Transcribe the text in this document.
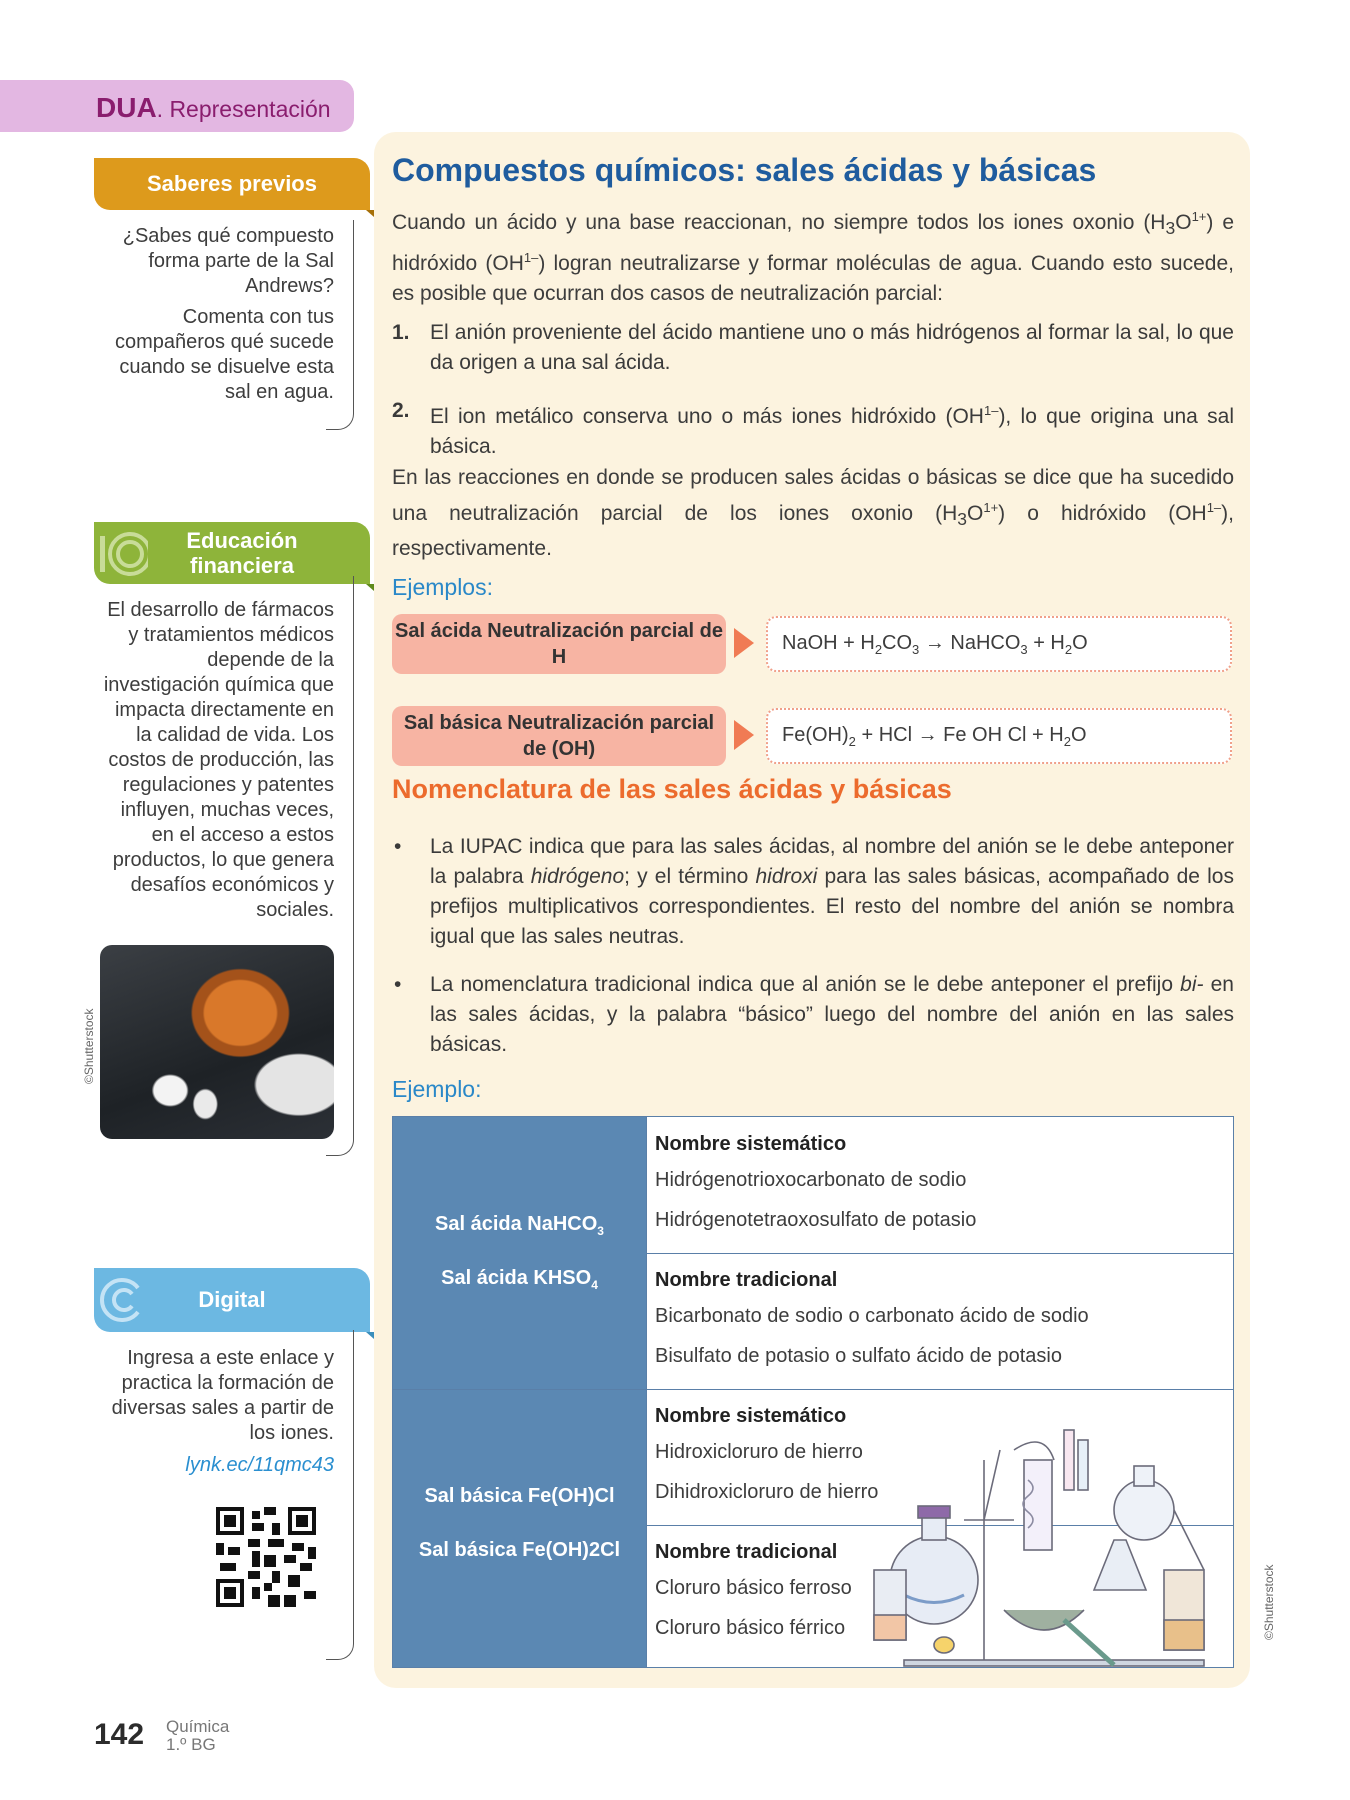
DUA. Representación
Saberes previos

¿Sabes qué compuesto forma parte de la Sal Andrews?

Comenta con tus compañeros qué sucede cuando se disuelve esta sal en agua.

Educación
financiera
El desarrollo de fármacos y tratamientos médicos depende de la investigación química que impacta directamente en la calidad de vida. Los costos de producción, las regulaciones y patentes influyen, muchas veces, en el acceso a estos productos, lo que genera desafíos económicos y sociales.
©Shutterstock
Digital
Ingresa a este enlace y practica la formación de diversas sales a partir de los iones.
lynk.ec/11qmc43
Compuestos químicos: sales ácidas y básicas
Cuando un ácido y una base reaccionan, no siempre todos los iones oxonio $(H_3O^{1+})$ e hidróxido $(OH^{1-})$ logran neutralizarse y formar moléculas de agua. Cuando esto sucede, es posible que ocurran dos casos de neutralización parcial:
1. El anión proveniente del ácido mantiene uno o más hidrógenos al formar la sal, lo que da origen a una sal ácida.
2. El ion metálico conserva uno o más iones hidróxido $(OH^{1-})$, lo que origina una sal básica.
En las reacciones en donde se producen sales ácidas o básicas se dice que ha sucedido una neutralización parcial de los iones oxonio $(H_3O^{1+})$ o hidróxido $(OH^{1-})$, respectivamente.
Ejemplos:
Sal ácida Neutralización parcial de H
NaOH + $H_2CO_3$ → NaHCO$_3$ + $H_2O$
Sal básica Neutralización parcial de (OH)
$Fe(OH)_2$ + HCl → Fe OH $Cl + H_2O$
Nomenclatura de las sales ácidas y básicas
• La IUPAC indica que para las sales ácidas, al nombre del anión se le debe anteponer la palabra hidrógeno; y el término hidroxi para las sales básicas, acompañado de los prefijos multiplicativos correspondientes. El resto del nombre del anión se nombra igual que las sales neutras.
• La nomenclatura tradicional indica que al anión se le debe anteponer el prefijo bi- en las sales ácidas, y la palabra “básico” luego del nombre del anión en las sales básicas.
Ejemplo:
Sal ácida NaHCO$_3$
Sal ácida $KHSO_4$
Sal básica Fe(OH)Cl
Sal básica Fe(OH)2Cl
Nombre sistemático
Hidrógenotrioxocarbonato de sodio
Hidrógenotetraoxosulfato de potasio
Nombre tradicional
Bicarbonato de sodio o carbonato ácido de sodio
Bisulfato de potasio o sulfato ácido de potasio
Nombre sistemático
Hidroxicloruro de hierro
Dihidroxicloruro de hierro
Nombre tradicional
Cloruro básico ferroso
Cloruro básico férrico	©Shutterstock
142 Química
1.º BG
